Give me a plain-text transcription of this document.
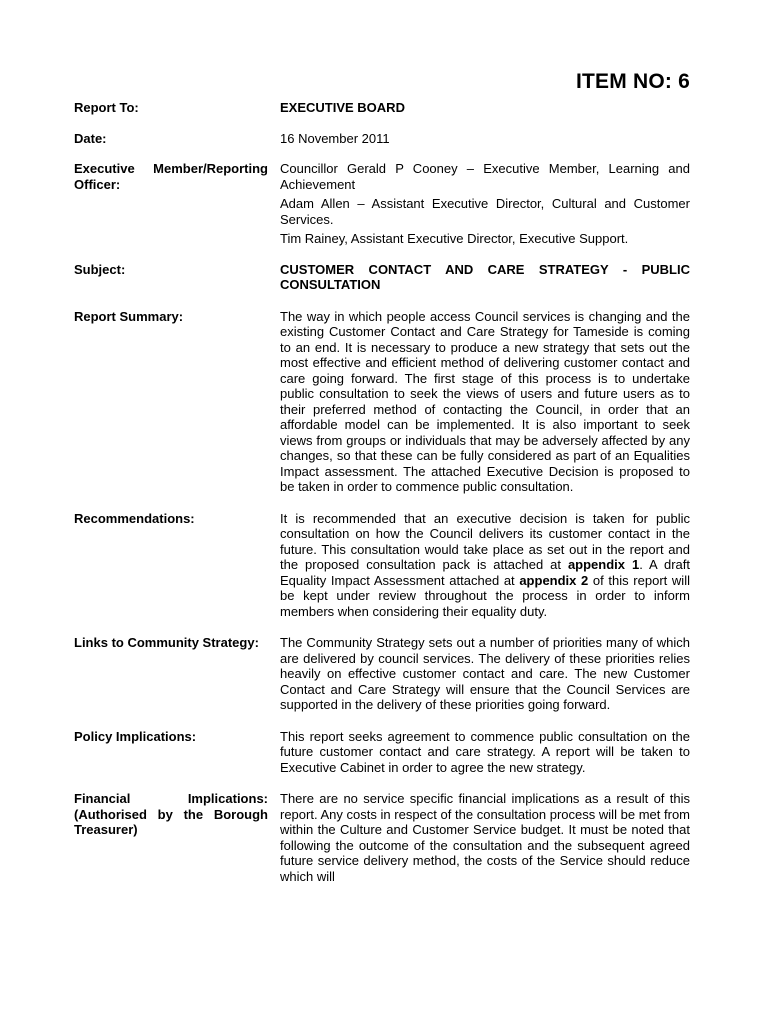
ITEM NO: 6
Report To:	EXECUTIVE BOARD
Date:	16 November 2011
Executive Member/Reporting Officer:

Councillor Gerald P Cooney – Executive Member, Learning and Achievement

Adam Allen – Assistant Executive Director, Cultural and Customer Services.

Tim Rainey, Assistant Executive Director, Executive Support.

Subject:	CUSTOMER CONTACT AND CARE STRATEGY - PUBLIC CONSULTATION
Report Summary:	The way in which people access Council services is changing and the existing Customer Contact and Care Strategy for Tameside is coming to an end. It is necessary to produce a new strategy that sets out the most effective and efficient method of delivering customer contact and care going forward. The first stage of this process is to undertake public consultation to seek the views of users and future users as to their preferred method of contacting the Council, in order that an affordable model can be implemented. It is also important to seek views from groups or individuals that may be adversely affected by any changes, so that these can be fully considered as part of an Equalities Impact assessment. The attached Executive Decision is proposed to be taken in order to commence public consultation.
Recommendations:	It is recommended that an executive decision is taken for public consultation on how the Council delivers its customer contact in the future. This consultation would take place as set out in the report and the proposed consultation pack is attached at appendix 1. A draft Equality Impact Assessment attached at appendix 2 of this report will be kept under review throughout the process in order to inform members when considering their equality duty.
Links to Community Strategy:	The Community Strategy sets out a number of priorities many of which are delivered by council services. The delivery of these priorities relies heavily on effective customer contact and care. The new Customer Contact and Care Strategy will ensure that the Council Services are supported in the delivery of these priorities going forward.
Policy Implications:	This report seeks agreement to commence public consultation on the future customer contact and care strategy. A report will be taken to Executive Cabinet in order to agree the new strategy.
Financial Implications: (Authorised by the Borough Treasurer)
There are no service specific financial implications as a result of this report. Any costs in respect of the consultation process will be met from within the Culture and Customer Service budget. It must be noted that following the outcome of the consultation and the subsequent agreed future service delivery method, the costs of the Service should reduce which will
